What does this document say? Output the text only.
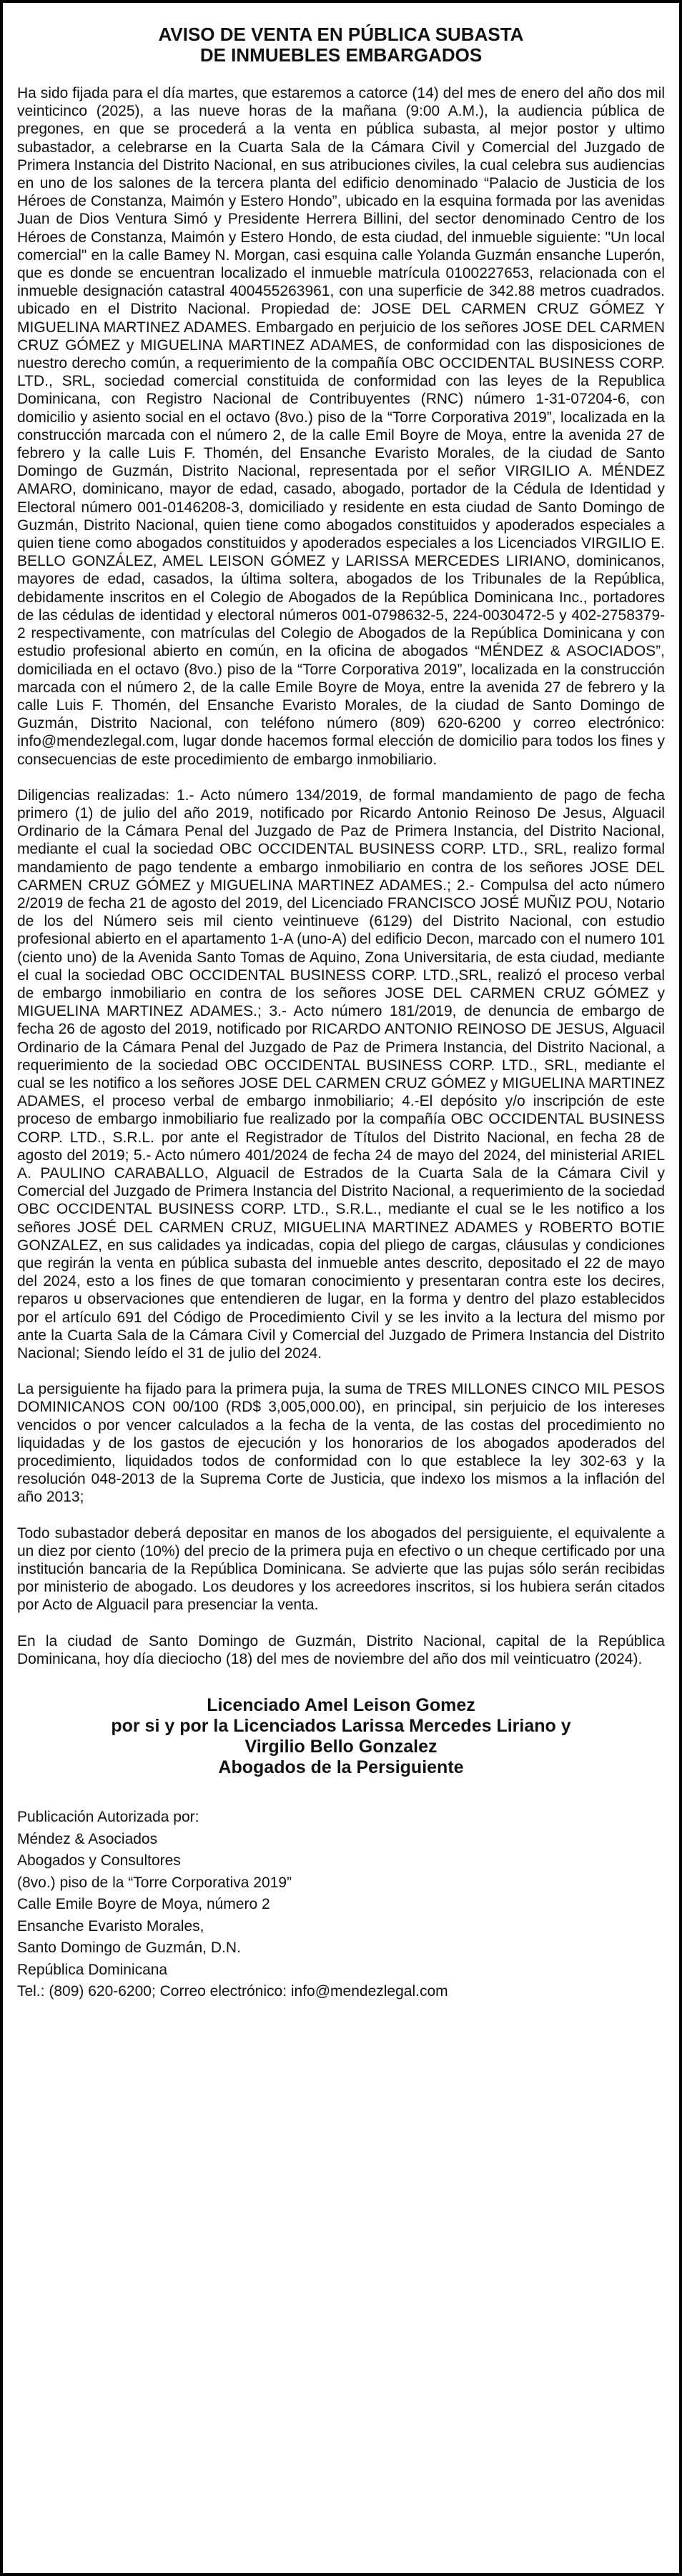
AVISO DE VENTA EN PÚBLICA SUBASTA
DE INMUEBLES EMBARGADOS

Ha sido fijada para el día martes, que estaremos a catorce (14) del mes de enero del año dos mil veinticinco (2025), a las nueve horas de la mañana (9:00 A.M.), la audiencia pública de pregones, en que se procederá a la venta en pública subasta, al mejor postor y ultimo subastador, a celebrarse en la Cuarta Sala de la Cámara Civil y Comercial del Juzgado de Primera Instancia del Distrito Nacional, en sus atribuciones civiles, la cual celebra sus audiencias en uno de los salones de la tercera planta del edificio denominado “Palacio de Justicia de los Héroes de Constanza, Maimón y Estero Hondo”, ubicado en la esquina formada por las avenidas Juan de Dios Ventura Simó y Presidente Herrera Billini, del sector denominado Centro de los Héroes de Constanza, Maimón y Estero Hondo, de esta ciudad, del inmueble siguiente: "Un local comercial" en la calle Bamey N. Morgan, casi esquina calle Yolanda Guzmán ensanche Luperón, que es donde se encuentran localizado el inmueble matrícula 0100227653, relacionada con el inmueble designación catastral 400455263961, con una superficie de 342.88 metros cuadrados. ubicado en el Distrito Nacional. Propiedad de: JOSE DEL CARMEN CRUZ GÓMEZ Y MIGUELINA MARTINEZ ADAMES. Embargado en perjuicio de los señores JOSE DEL CARMEN CRUZ GÓMEZ y MIGUELINA MARTINEZ ADAMES, de conformidad con las disposiciones de nuestro derecho común, a requerimiento de la compañía OBC OCCIDENTAL BUSINESS CORP. LTD., SRL, sociedad comercial constituida de conformidad con las leyes de la Republica Dominicana, con Registro Nacional de Contribuyentes (RNC) número 1-31-07204-6, con domicilio y asiento social en el octavo (8vo.) piso de la “Torre Corporativa 2019”, localizada en la construcción marcada con el número 2, de la calle Emil Boyre de Moya, entre la avenida 27 de febrero y la calle Luis F. Thomén, del Ensanche Evaristo Morales, de la ciudad de Santo Domingo de Guzmán, Distrito Nacional, representada por el señor VIRGILIO A. MÉNDEZ AMARO, dominicano, mayor de edad, casado, abogado, portador de la Cédula de Identidad y Electoral número 001-0146208-3, domiciliado y residente en esta ciudad de Santo Domingo de Guzmán, Distrito Nacional, quien tiene como abogados constituidos y apoderados especiales a quien tiene como abogados constituidos y apoderados especiales a los Licenciados VIRGILIO E. BELLO GONZÁLEZ, AMEL LEISON GÓMEZ y LARISSA MERCEDES LIRIANO, dominicanos, mayores de edad, casados, la última soltera, abogados de los Tribunales de la República, debidamente inscritos en el Colegio de Abogados de la República Dominicana Inc., portadores de las cédulas de identidad y electoral números 001-0798632-5, 224-0030472-5 y 402-2758379-2 respectivamente, con matrículas del Colegio de Abogados de la República Dominicana y con estudio profesional abierto en común, en la oficina de abogados “MÉNDEZ & ASOCIADOS”, domiciliada en el octavo (8vo.) piso de la “Torre Corporativa 2019”, localizada en la construcción marcada con el número 2, de la calle Emile Boyre de Moya, entre la avenida 27 de febrero y la calle Luis F. Thomén, del Ensanche Evaristo Morales, de la ciudad de Santo Domingo de Guzmán, Distrito Nacional, con teléfono número (809) 620-6200 y correo electrónico: info@mendezlegal.com, lugar donde hacemos formal elección de domicilio para todos los fines y consecuencias de este procedimiento de embargo inmobiliario.

Diligencias realizadas: 1.- Acto número 134/2019, de formal mandamiento de pago de fecha primero (1) de julio del año 2019, notificado por Ricardo Antonio Reinoso De Jesus, Alguacil Ordinario de la Cámara Penal del Juzgado de Paz de Primera Instancia, del Distrito Nacional, mediante el cual la sociedad OBC OCCIDENTAL BUSINESS CORP. LTD., SRL, realizo formal mandamiento de pago tendente a embargo inmobiliario en contra de los señores JOSE DEL CARMEN CRUZ GÓMEZ y MIGUELINA MARTINEZ ADAMES.; 2.- Compulsa del acto número 2/2019 de fecha 21 de agosto del 2019, del Licenciado FRANCISCO JOSÉ MUÑIZ POU, Notario de los del Número seis mil ciento veintinueve (6129) del Distrito Nacional, con estudio profesional abierto en el apartamento 1-A (uno-A) del edificio Decon, marcado con el numero 101 (ciento uno) de la Avenida Santo Tomas de Aquino, Zona Universitaria, de esta ciudad, mediante el cual la sociedad OBC OCCIDENTAL BUSINESS CORP. LTD.,SRL, realizó el proceso verbal de embargo inmobiliario en contra de los señores JOSE DEL CARMEN CRUZ GÓMEZ y MIGUELINA MARTINEZ ADAMES.; 3.- Acto número 181/2019, de denuncia de embargo de fecha 26 de agosto del 2019, notificado por RICARDO ANTONIO REINOSO DE JESUS, Alguacil Ordinario de la Cámara Penal del Juzgado de Paz de Primera Instancia, del Distrito Nacional, a requerimiento de la sociedad OBC OCCIDENTAL BUSINESS CORP. LTD., SRL, mediante el cual se les notifico a los señores JOSE DEL CARMEN CRUZ GÓMEZ y MIGUELINA MARTINEZ ADAMES, el proceso verbal de embargo inmobiliario; 4.-El depósito y/o inscripción de este proceso de embargo inmobiliario fue realizado por la compañía OBC OCCIDENTAL BUSINESS CORP. LTD., S.R.L. por ante el Registrador de Títulos del Distrito Nacional, en fecha 28 de agosto del 2019; 5.- Acto número 401/2024 de fecha 24 de mayo del 2024, del ministerial ARIEL A. PAULINO CARABALLO, Alguacil de Estrados de la Cuarta Sala de la Cámara Civil y Comercial del Juzgado de Primera Instancia del Distrito Nacional, a requerimiento de la sociedad OBC OCCIDENTAL BUSINESS CORP. LTD., S.R.L., mediante el cual se le les notifico a los señores JOSÉ DEL CARMEN CRUZ, MIGUELINA MARTINEZ ADAMES y ROBERTO BOTIE GONZALEZ, en sus calidades ya indicadas, copia del pliego de cargas, cláusulas y condiciones que regirán la venta en pública subasta del inmueble antes descrito, depositado el 22 de mayo del 2024, esto a los fines de que tomaran conocimiento y presentaran contra este los decires, reparos u observaciones que entendieren de lugar, en la forma y dentro del plazo establecidos por el artículo 691 del Código de Procedimiento Civil y se les invito a la lectura del mismo por ante la Cuarta Sala de la Cámara Civil y Comercial del Juzgado de Primera Instancia del Distrito Nacional; Siendo leído el 31 de julio del 2024.

La persiguiente ha fijado para la primera puja, la suma de TRES MILLONES CINCO MIL PESOS DOMINICANOS CON 00/100 (RD$ 3,005,000.00), en principal, sin perjuicio de los intereses vencidos o por vencer calculados a la fecha de la venta, de las costas del procedimiento no liquidadas y de los gastos de ejecución y los honorarios de los abogados apoderados del procedimiento, liquidados todos de conformidad con lo que establece la ley 302-63 y la resolución 048-2013 de la Suprema Corte de Justicia, que indexo los mismos a la inflación del año 2013;

Todo subastador deberá depositar en manos de los abogados del persiguiente, el equivalente a un diez por ciento (10%) del precio de la primera puja en efectivo o un cheque certificado por una institución bancaria de la República Dominicana. Se advierte que las pujas sólo serán recibidas por ministerio de abogado. Los deudores y los acreedores inscritos, si los hubiera serán citados por Acto de Alguacil para presenciar la venta.

En la ciudad de Santo Domingo de Guzmán, Distrito Nacional, capital de la República Dominicana, hoy día dieciocho (18) del mes de noviembre del año dos mil veinticuatro (2024).

Licenciado Amel Leison Gomez
por si y por la Licenciados Larissa Mercedes Liriano y
Virgilio Bello Gonzalez
Abogados de la Persiguiente
Publicación Autorizada por:
Méndez & Asociados
Abogados y Consultores
(8vo.) piso de la “Torre Corporativa 2019”
Calle Emile Boyre de Moya, número 2
Ensanche Evaristo Morales,
Santo Domingo de Guzmán, D.N.
República Dominicana
Tel.: (809) 620-6200; Correo electrónico: info@mendezlegal.com
